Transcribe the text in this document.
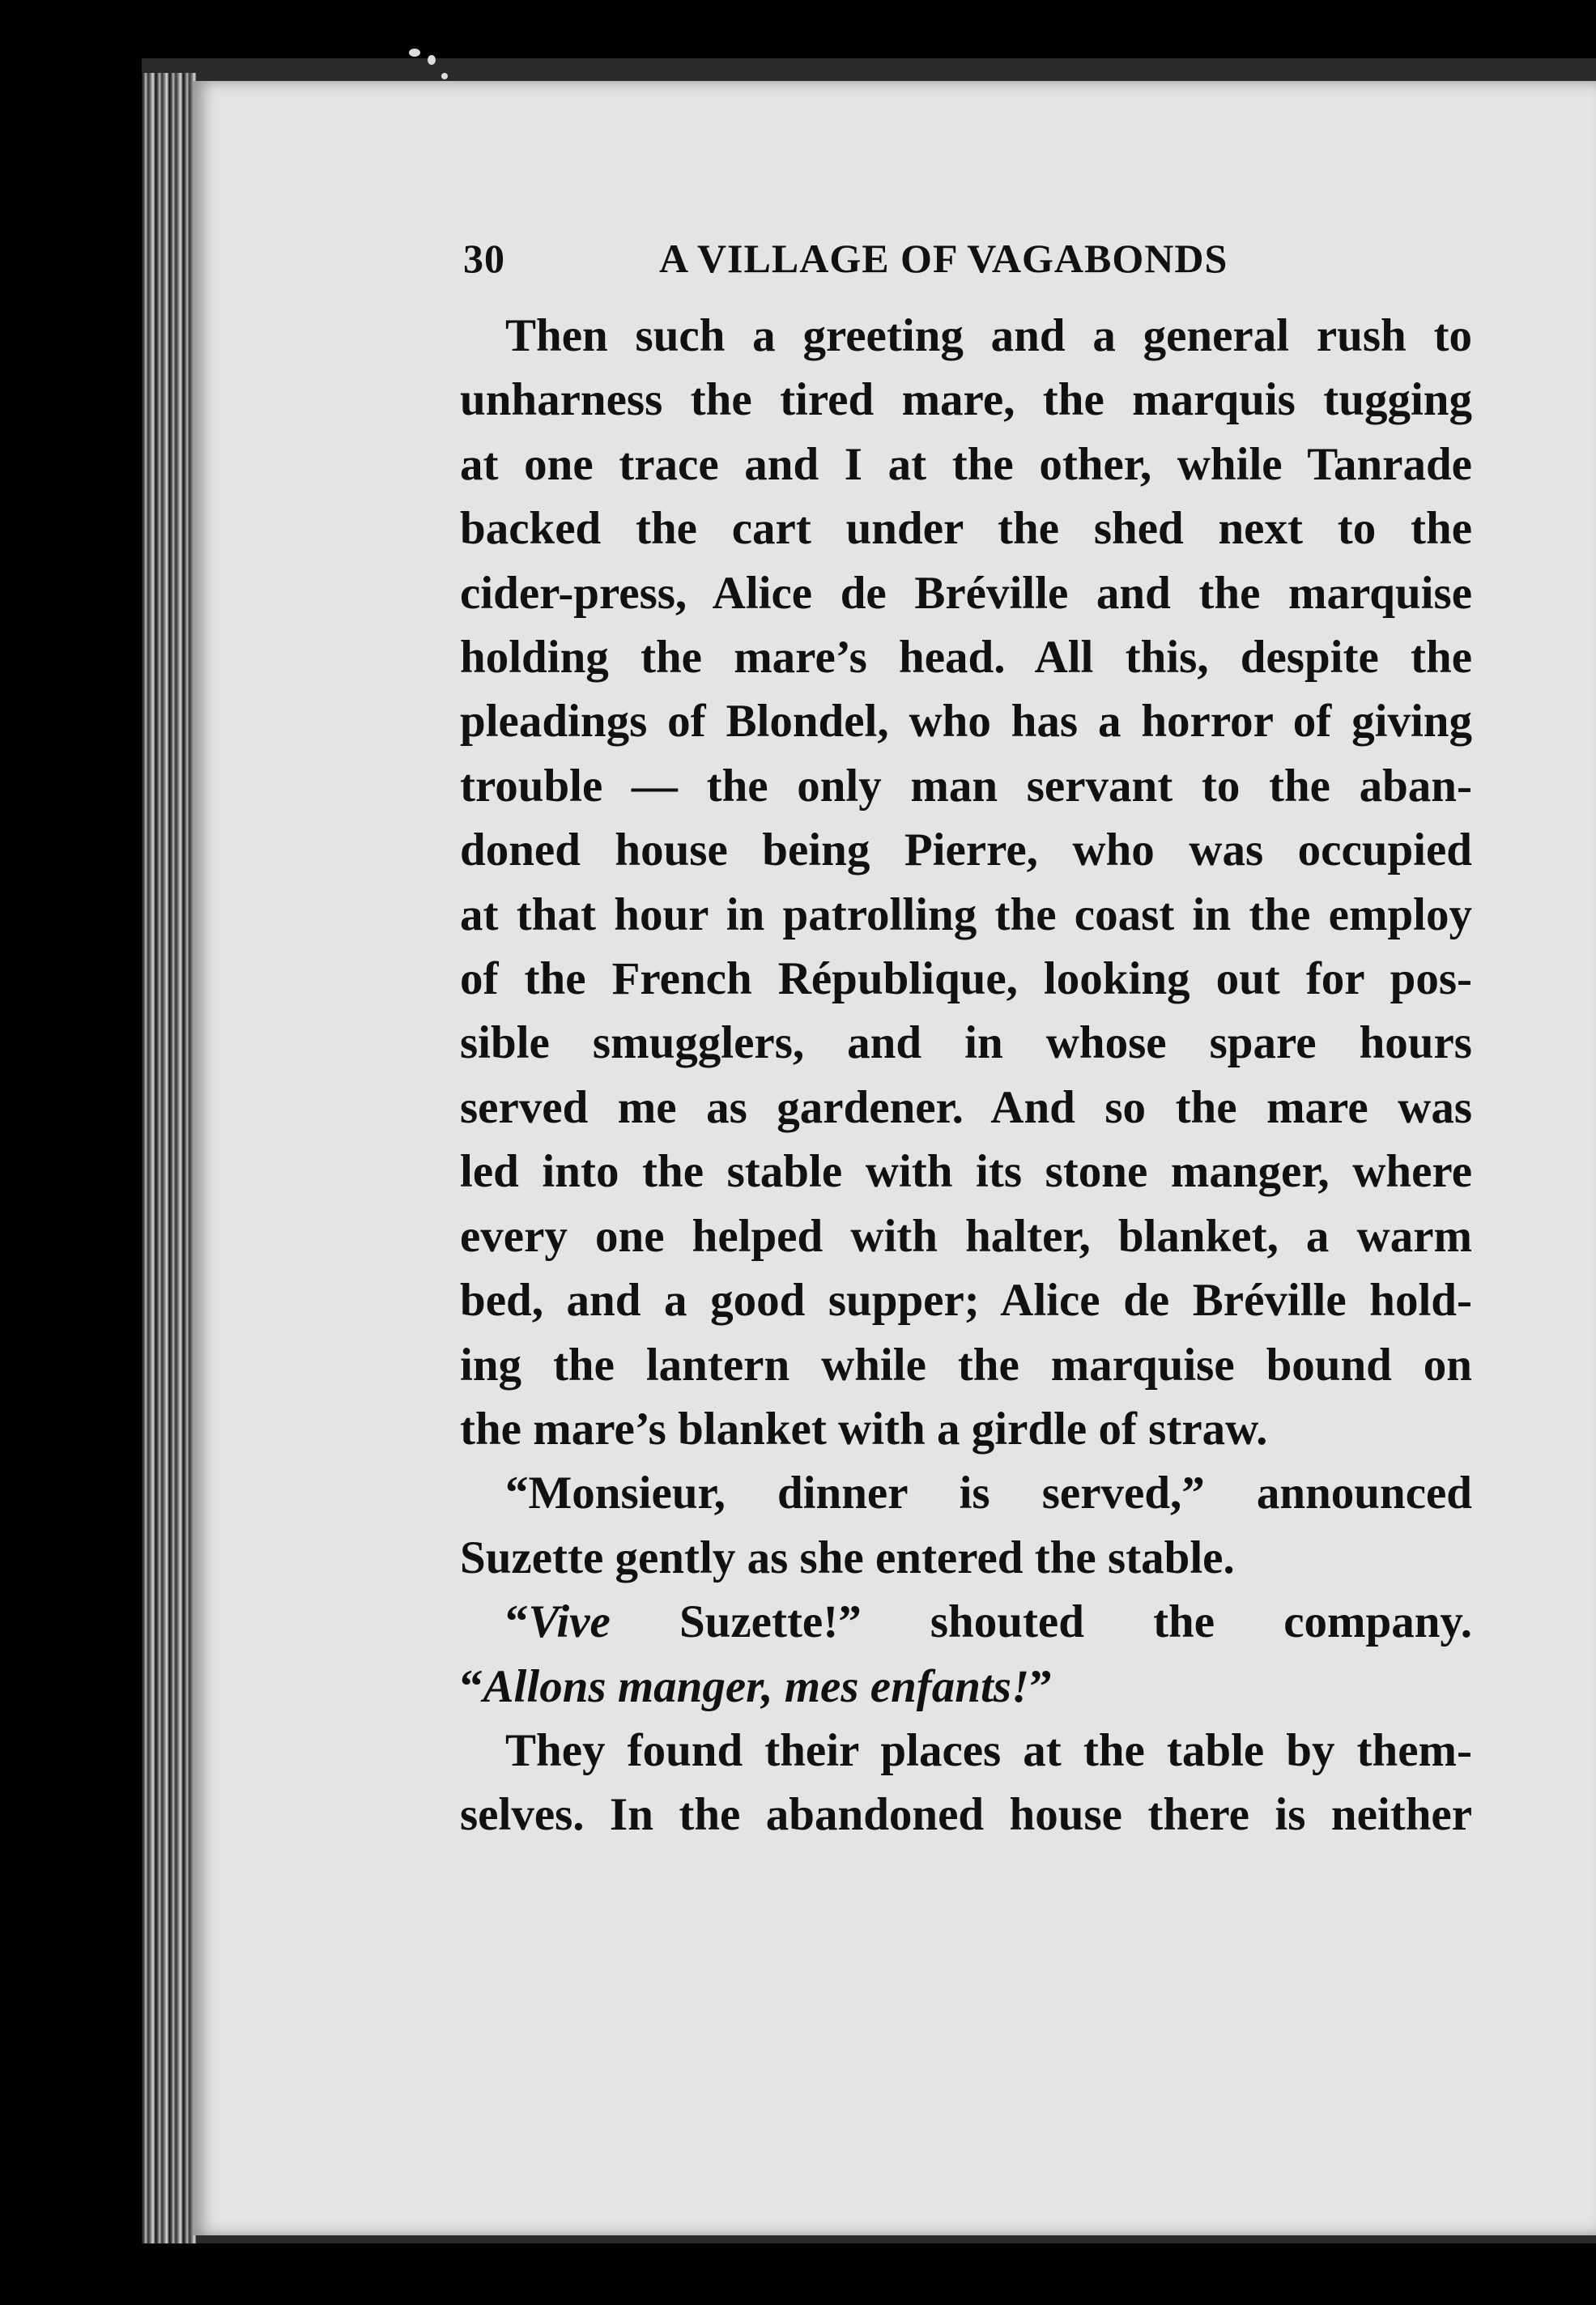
30	A VILLAGE OF VAGABONDS

Then such a greeting and a general rush to
unharness the tired mare, the marquis tugging
at one trace and I at the other, while Tanrade
backed the cart under the shed next to the
cider-press, Alice de Bréville and the marquise
holding the mare’s head. All this, despite the
pleadings of Blondel, who has a horror of giving
trouble — the only man servant to the aban-
doned house being Pierre, who was occupied
at that hour in patrolling the coast in the employ
of the French République, looking out for pos-
sible smugglers, and in whose spare hours
served me as gardener. And so the mare was
led into the stable with its stone manger, where
every one helped with halter, blanket, a warm
bed, and a good supper; Alice de Bréville hold-
ing the lantern while the marquise bound on
the mare’s blanket with a girdle of straw.

“Monsieur, dinner is served,” announced
Suzette gently as she entered the stable.

“Vive Suzette!” shouted the company.
“Allons manger, mes enfants!”

They found their places at the table by them-
selves. In the abandoned house there is neither
